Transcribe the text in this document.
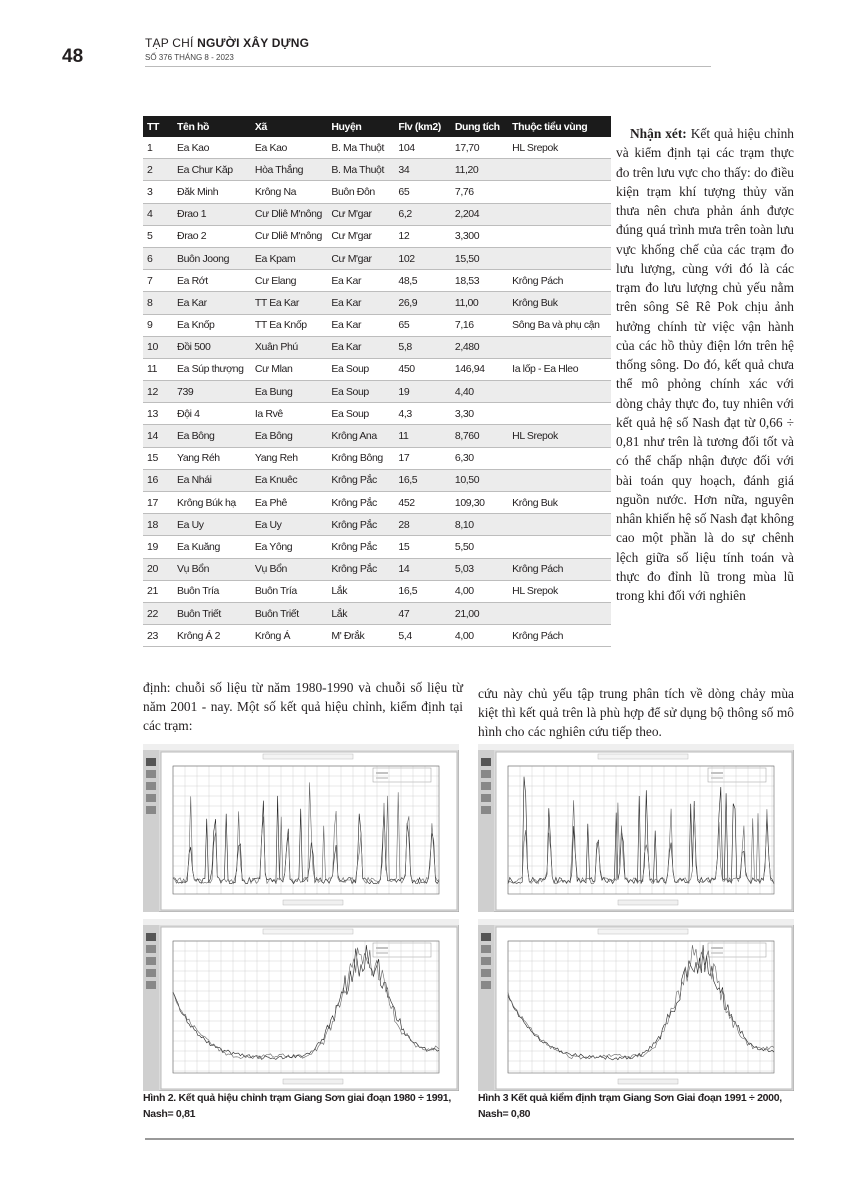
48
TẠP CHÍ NGƯỜI XÂY DỰNG
SỐ 376 THÁNG 8 - 2023
TT	Tên hồ	Xã	Huyện	Flv (km2)	Dung tích	Thuộc tiểu vùng
1	Ea Kao	Ea Kao	B. Ma Thuột	104	17,70	HL Srepok
2	Ea Chur Kăp	Hòa Thắng	B. Ma Thuột	34	11,20	
3	Đăk Minh	Krông Na	Buôn Đôn	65	7,76	
4	Đrao 1	Cư Dliê M'nông	Cư M'gar	6,2	2,204	
5	Đrao 2	Cư Dliê M'nông	Cư M'gar	12	3,300	
6	Buôn Joong	Ea Kpam	Cư M'gar	102	15,50	
7	Ea Rớt	Cư Elang	Ea Kar	48,5	18,53	Krông Pách
8	Ea Kar	TT Ea Kar	Ea Kar	26,9	11,00	Krông Buk
9	Ea Knốp	TT Ea Knốp	Ea Kar	65	7,16	Sông Ba và phụ cận
10	Đồi 500	Xuân Phú	Ea Kar	5,8	2,480	
11	Ea Súp thượng	Cư Mlan	Ea Soup	450	146,94	Ia lốp - Ea Hleo
12	739	Ea Bung	Ea Soup	19	4,40	
13	Đội 4	Ia Rvê	Ea Soup	4,3	3,30	
14	Ea Bông	Ea Bông	Krông Ana	11	8,760	HL Srepok
15	Yang Réh	Yang Reh	Krông Bông	17	6,30	
16	Ea Nhái	Ea Knuêc	Krông Pắc	16,5	10,50	
17	Krông Búk hạ	Ea Phê	Krông Pắc	452	109,30	Krông Buk
18	Ea Uy	Ea Uy	Krông Pắc	28	8,10	
19	Ea Kuăng	Ea Yông	Krông Pắc	15	5,50	
20	Vụ Bổn	Vụ Bổn	Krông Pắc	14	5,03	Krông Pách
21	Buôn Tría	Buôn Tría	Lắk	16,5	4,00	HL Srepok
22	Buôn Triết	Buôn Triết	Lắk	47	21,00	
23	Krông Á 2	Krông Á	M' Đrắk	5,4	4,00	Krông Pách
Nhận xét: Kết quả hiệu chỉnh và kiểm định tại các trạm thực đo trên lưu vực cho thấy: do điều kiện trạm khí tượng thủy văn thưa nên chưa phản ánh được đúng quá trình mưa trên toàn lưu vực khống chế của các trạm đo lưu lượng, cùng với đó là các trạm đo lưu lượng chủ yếu nằm trên sông Sê Rê Pok chịu ảnh hưởng chính từ việc vận hành của các hồ thủy điện lớn trên hệ thống sông. Do đó, kết quả chưa thể mô phỏng chính xác với dòng chảy thực đo, tuy nhiên với kết quả hệ số Nash đạt từ 0,66 ÷ 0,81 như trên là tương đối tốt và có thể chấp nhận được đối với bài toán quy hoạch, đánh giá nguồn nước. Hơn nữa, nguyên nhân khiến hệ số Nash đạt không cao một phần là do sự chênh lệch giữa số liệu tính toán và thực đo đỉnh lũ trong mùa lũ trong khi đối với nghiên
định: chuỗi số liệu từ năm 1980-1990 và chuỗi số liệu từ năm 2001 - nay. Một số kết quả hiệu chỉnh, kiểm định tại các trạm:
cứu này chủ yếu tập trung phân tích về dòng chảy mùa kiệt thì kết quả trên là phù hợp để sử dụng bộ thông số mô hình cho các nghiên cứu tiếp theo.
Hình 2. Kết quả hiệu chỉnh trạm Giang Sơn giai đoạn 1980 ÷ 1991, Nash= 0,81
Hình 3 Kết quả kiểm định trạm Giang Sơn Giai đoạn 1991 ÷ 2000, Nash= 0,80
